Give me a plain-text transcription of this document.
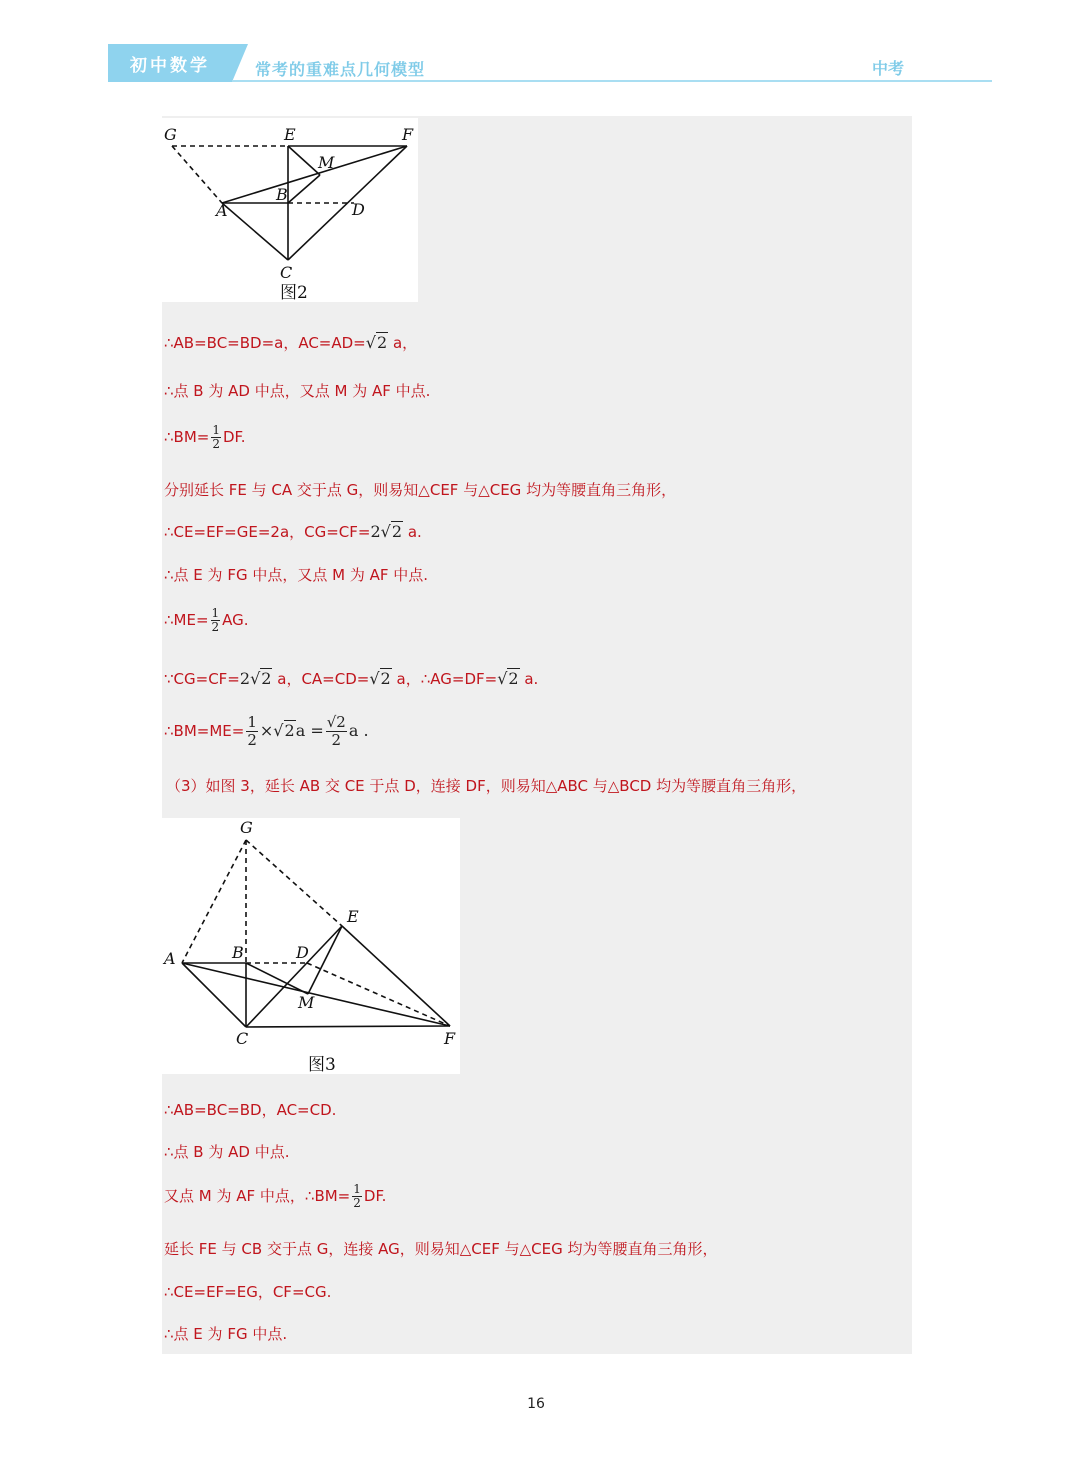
初中数学	常考的重难点几何模型	中考
G	E	F
M
B
A	D
C
图2
∴AB=BC=BD=a，AC=AD=√2 a，
∴点 B 为 AD 中点，又点 M 为 AF 中点.
∴BM= $\frac{1}{2}$ DF.
分别延长 FE 与 CA 交于点 G，则易知△CEF 与△CEG 均为等腰直角三角形，
∴CE=EF=GE=2a，CG=CF=2√2 a.
∴点 E 为 FG 中点，又点 M 为 AF 中点.
∴ME= $\frac{1}{2}$ AG.
∵CG=CF=2√2 a，CA=CD=√2 a，∴AG=DF=√2 a.
∴BM=ME= $\frac{1}{2} \times√2a = \frac{√2}{2}$ a .
（3）如图 3，延长 AB 交 CE 于点 D，连接 DF，则易知△ABC 与△BCD 均为等腰直角三角形，
G
E
A	B	D
M
C	F
图3
∴AB=BC=BD，AC=CD.
∴点 B 为 AD 中点.
又点 M 为 AF 中点，∴BM= $\frac{1}{2}$ DF.
延长 FE 与 CB 交于点 G，连接 AG，则易知△CEF 与△CEG 均为等腰直角三角形，
∴CE=EF=EG，CF=CG.
∴点 E 为 FG 中点.
16
